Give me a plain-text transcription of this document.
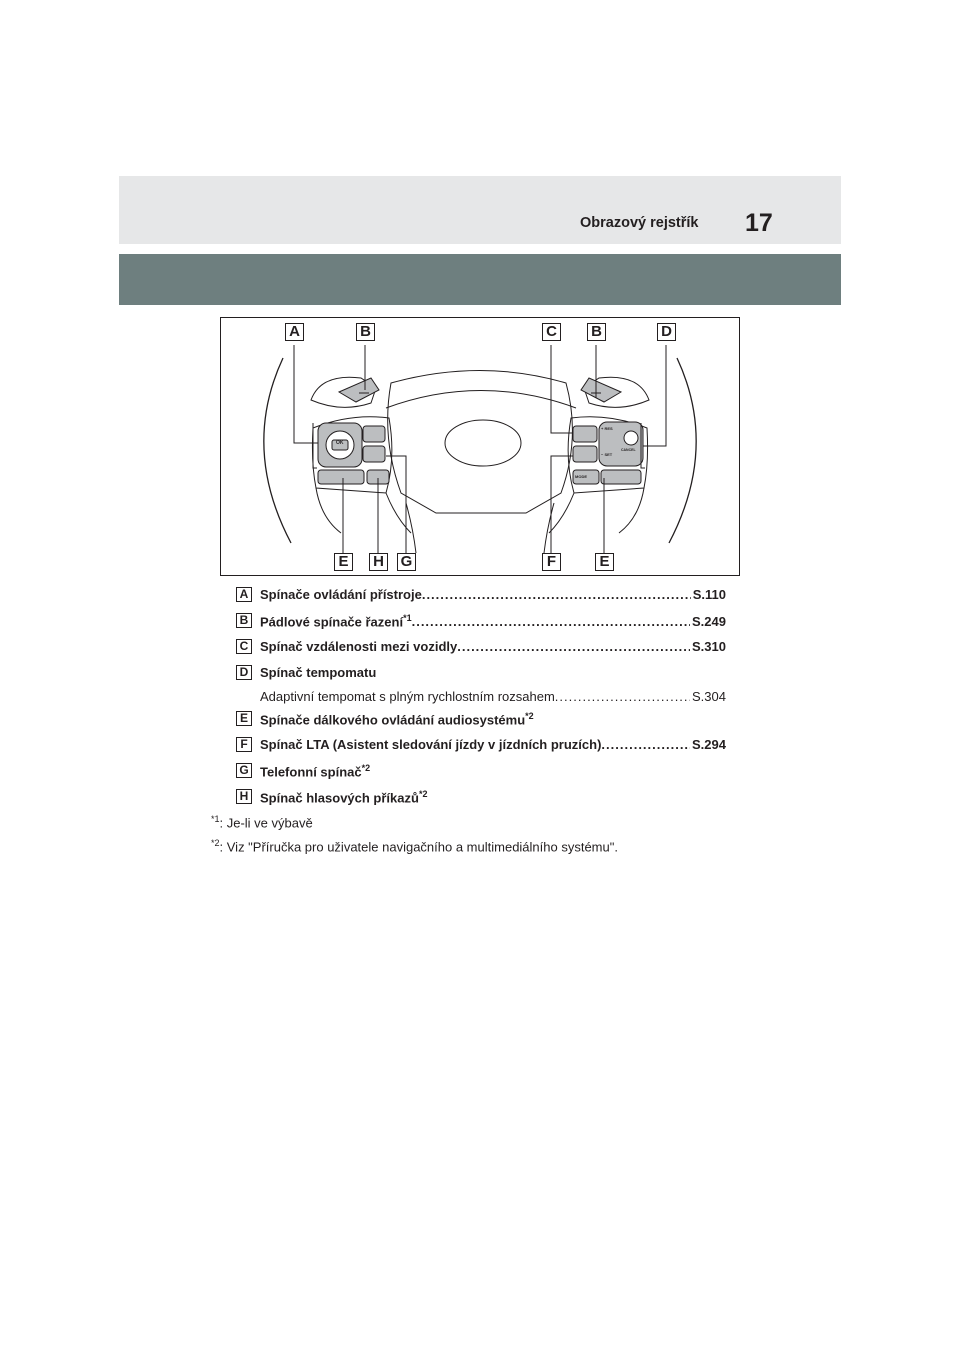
Obrazový rejstřík 17
A	B	C B	D
E	H G	F	E
OK
+ RES
− SET
CANCEL
MODE
A Spínače ovládání přístroje .....	S.110
B Pádlové spínače řazení$^{*1}$ .....	S.249
C Spínač vzdálenosti mezi vozidly .....	S.310
D Spínač tempomatu
Adaptivní tempomat s plným rychlostním rozsahem .....	S.304
E Spínače dálkového ovládání audiosystému$^{*2}$
F Spínač LTA (Asistent sledování jízdy v jízdních pruzích) .....	S.294
G Telefonní spínač$^{*2}$
H Spínač hlasových příkazů$^{*2}$
$^{*1}$: Je-li ve výbavě
$^{*2}$: Viz "Příručka pro uživatele navigačního a multimediálního systému".
